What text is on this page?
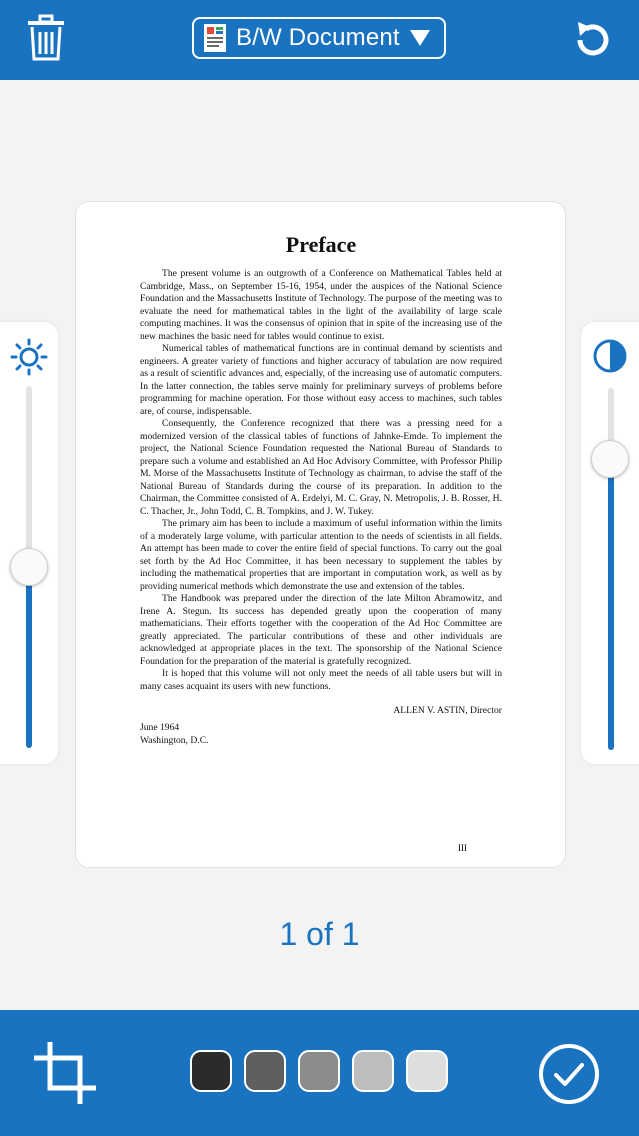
B/W Document
Preface

The present volume is an outgrowth of a Conference on Mathematical Tables held at Cambridge, Mass., on September 15-16, 1954, under the auspices of the National Science Foundation and the Massachusetts Institute of Technology. The purpose of the meeting was to evaluate the need for mathematical tables in the light of the availability of large scale computing machines. It was the consensus of opinion that in spite of the increasing use of the new machines the basic need for tables would continue to exist.

Numerical tables of mathematical functions are in continual demand by scientists and engineers. A greater variety of functions and higher accuracy of tabulation are now required as a result of scientific advances and, especially, of the increasing use of automatic computers. In the latter connection, the tables serve mainly for preliminary surveys of problems before programming for machine operation. For those without easy access to machines, such tables are, of course, indispensable.

Consequently, the Conference recognized that there was a pressing need for a modernized version of the classical tables of functions of Jahnke-Emde. To implement the project, the National Science Foundation requested the National Bureau of Standards to prepare such a volume and established an Ad Hoc Advisory Committee, with Professor Philip M. Morse of the Massachusetts Institute of Technology as chairman, to advise the staff of the National Bureau of Standards during the course of its preparation. In addition to the Chairman, the Committee consisted of A. Erdelyi, M. C. Gray, N. Metropolis, J. B. Rosser, H. C. Thacher, Jr., John Todd, C. B. Tompkins, and J. W. Tukey.

The primary aim has been to include a maximum of useful information within the limits of a moderately large volume, with particular attention to the needs of scientists in all fields. An attempt has been made to cover the entire field of special functions. To carry out the goal set forth by the Ad Hoc Committee, it has been necessary to supplement the tables by including the mathematical properties that are important in computation work, as well as by providing numerical methods which demonstrate the use and extension of the tables.

The Handbook was prepared under the direction of the late Milton Abramowitz, and Irene A. Stegun. Its success has depended greatly upon the cooperation of many mathematicians. Their efforts together with the cooperation of the Ad Hoc Committee are greatly appreciated. The particular contributions of these and other individuals are acknowledged at appropriate places in the text. The sponsorship of the National Science Foundation for the preparation of the material is gratefully recognized.

It is hoped that this volume will not only meet the needs of all table users but will in many cases acquaint its users with new functions.

ALLEN V. ASTIN, Director
June 1964
Washington, D.C.
III
1 of 1
